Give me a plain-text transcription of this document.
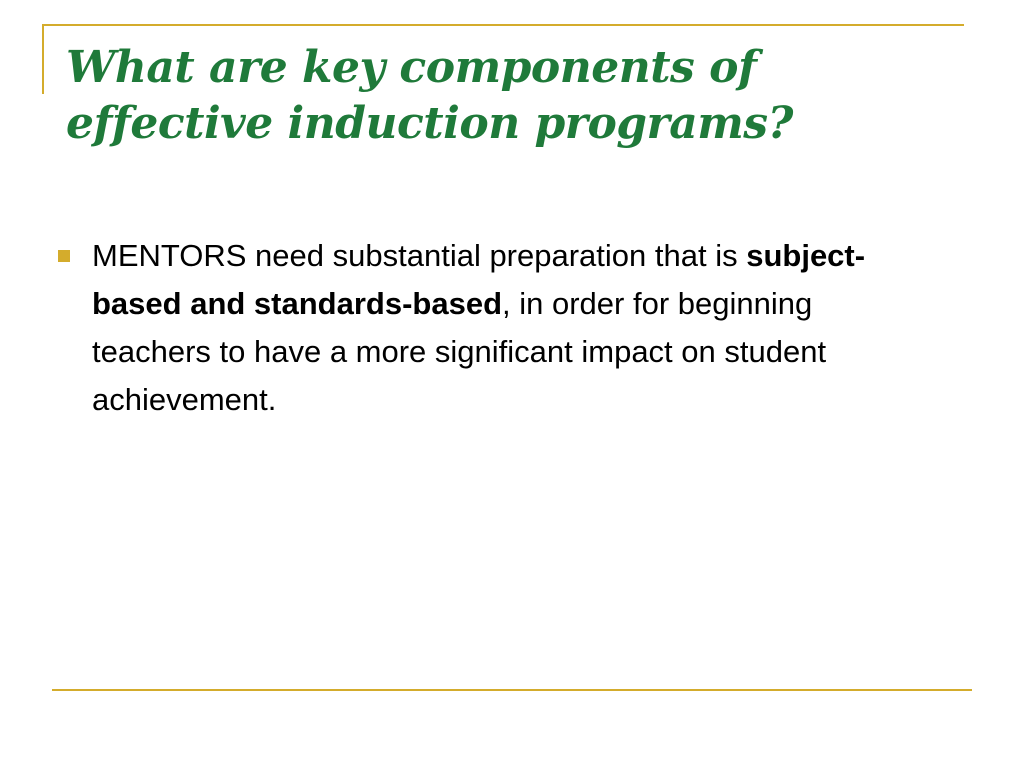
What are key components of
effective induction programs?
MENTORS need substantial preparation that is subject-based and standards-based, in order for beginning teachers to have a more significant impact on student achievement.
